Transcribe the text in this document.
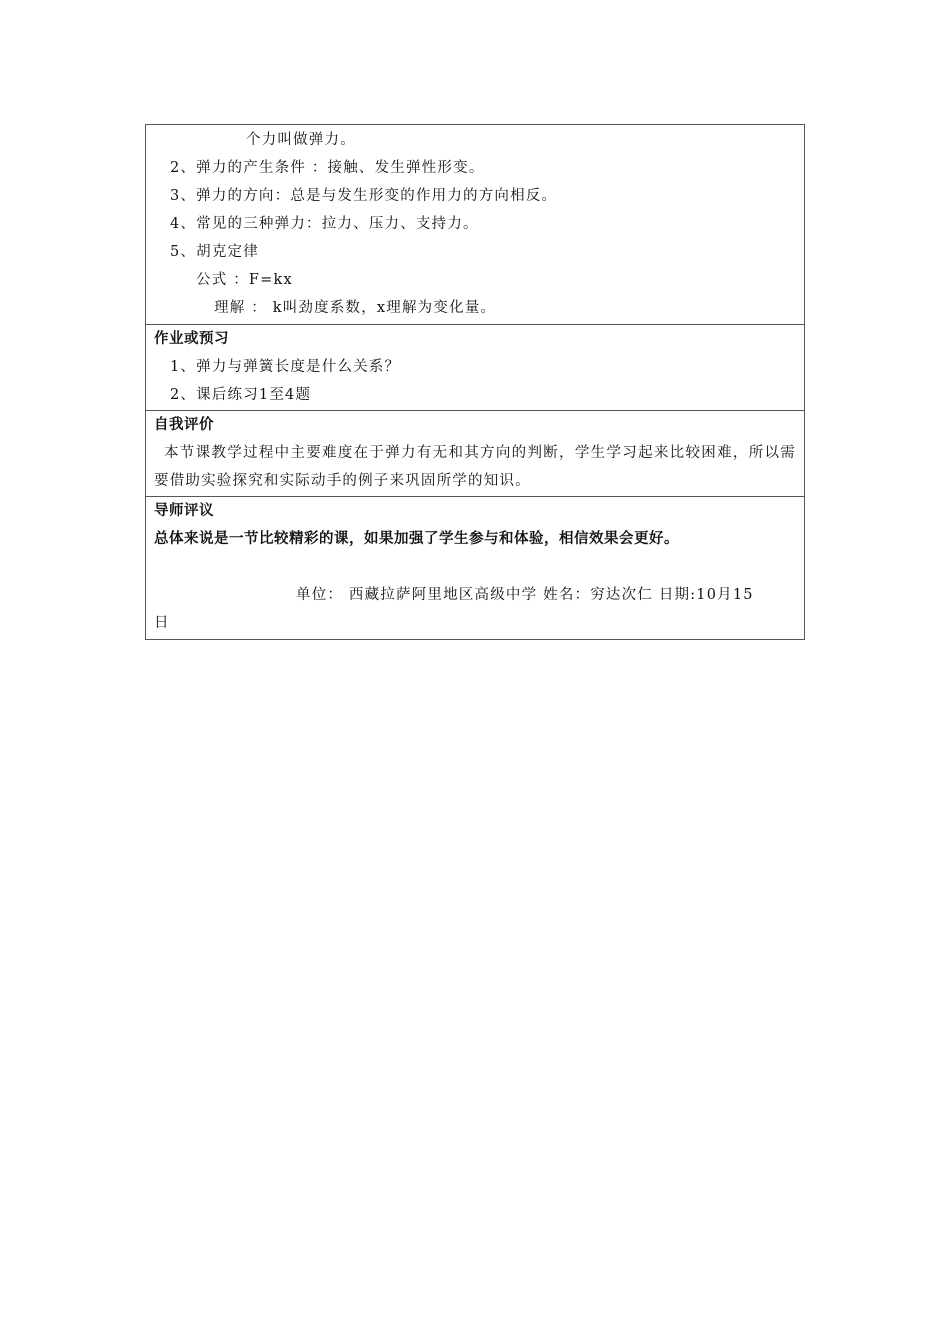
个力叫做弹力。
2、弹力的产生条件 ：接触、发生弹性形变。
3、弹力的方向：总是与发生形变的作用力的方向相反。
4、常见的三种弹力：拉力、压力、支持力。
5、胡克定律
公式 ：F=kx
理解 ： k叫劲度系数，x理解为变化量。
作业或预习
1、弹力与弹簧长度是什么关系？
2、课后练习1至4题
自我评价
本节课教学过程中主要难度在于弹力有无和其方向的判断，学生学习起来比较困难，所以需要借助实验探究和实际动手的例子来巩固所学的知识。
导师评议
总体来说是一节比较精彩的课，如果加强了学生参与和体验，相信效果会更好。
单位： 西藏拉萨阿里地区高级中学 姓名：穷达次仁 日期:10月15
日
